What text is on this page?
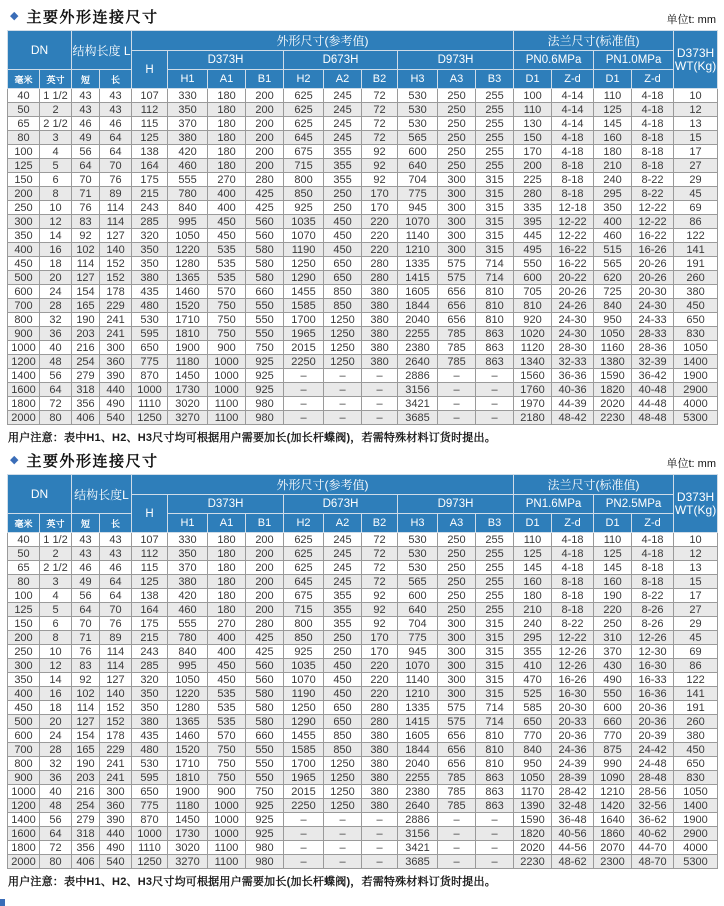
◆ 主要外形连接尺寸	单位t: mm
DN		结构长度 L		外形尺寸(参考值)										法兰尺寸(标准值)				D373H WT(Kg)
				H	D373H			D673H			D973H			PN0.6MPa		PN1.0MPa		
毫米	英寸	短	长		H1	A1	B1	H2	A2	B2	H3	A3	B3	D1	Z-d	D1	Z-d	
40	1 1/2	43	43	107	330	180	200	625	245	72	530	250	255	100	4-14	110	4-18	10
50	2	43	43	112	350	180	200	625	245	72	530	250	255	110	4-14	125	4-18	12
65	2 1/2	46	46	115	370	180	200	625	245	72	530	250	255	130	4-14	145	4-18	13
80	3	49	64	125	380	180	200	645	245	72	565	250	255	150	4-18	160	8-18	15
100	4	56	64	138	420	180	200	675	355	92	600	250	255	170	4-18	180	8-18	17
125	5	64	70	164	460	180	200	715	355	92	640	250	255	200	8-18	210	8-18	27
150	6	70	76	175	555	270	280	800	355	92	704	300	315	225	8-18	240	8-22	29
200	8	71	89	215	780	400	425	850	250	170	775	300	315	280	8-18	295	8-22	45
250	10	76	114	243	840	400	425	925	250	170	945	300	315	335	12-18	350	12-22	69
300	12	83	114	285	995	450	560	1035	450	220	1070	300	315	395	12-22	400	12-22	86
350	14	92	127	320	1050	450	560	1070	450	220	1140	300	315	445	12-22	460	16-22	122
400	16	102	140	350	1220	535	580	1190	450	220	1210	300	315	495	16-22	515	16-26	141
450	18	114	152	350	1280	535	580	1250	650	280	1335	575	714	550	16-22	565	20-26	191
500	20	127	152	380	1365	535	580	1290	650	280	1415	575	714	600	20-22	620	20-26	260
600	24	154	178	435	1460	570	660	1455	850	380	1605	656	810	705	20-26	725	20-30	380
700	28	165	229	480	1520	750	550	1585	850	380	1844	656	810	810	24-26	840	24-30	450
800	32	190	241	530	1710	750	550	1700	1250	380	2040	656	810	920	24-30	950	24-33	650
900	36	203	241	595	1810	750	550	1965	1250	380	2255	785	863	1020	24-30	1050	28-33	830
1000	40	216	300	650	1900	900	750	2015	1250	380	2380	785	863	1120	28-30	1160	28-36	1050
1200	48	254	360	775	1180	1000	925	2250	1250	380	2640	785	863	1340	32-33	1380	32-39	1400
1400	56	279	390	870	1450	1000	925	–	–	–	2886	–	–	1560	36-36	1590	36-42	1900
1600	64	318	440	1000	1730	1000	925	–	–	–	3156	–	–	1760	40-36	1820	40-48	2900
1800	72	356	490	1110	3020	1100	980	–	–	–	3421	–	–	1970	44-39	2020	44-48	4000
2000	80	406	540	1250	3270	1100	980	–	–	–	3685	–	–	2180	48-42	2230	48-48	5300
用户注意：表中H1、H2、H3尺寸均可根据用户需要加长(加长杆蝶阀)，若需特殊材料订货时提出。
◆ 主要外形连接尺寸	单位t: mm
DN		结构长度L		外形尺寸(参考值)										法兰尺寸(标准值)				D373H WT(Kg)
				H	D373H			D673H			D973H			PN1.6MPa		PN2.5MPa		
毫米	英寸	短	长		H1	A1	B1	H2	A2	B2	H3	A3	B3	D1	Z-d	D1	Z-d	
40	1 1/2	43	43	107	330	180	200	625	245	72	530	250	255	110	4-18	110	4-18	10
50	2	43	43	112	350	180	200	625	245	72	530	250	255	125	4-18	125	4-18	12
65	2 1/2	46	46	115	370	180	200	625	245	72	530	250	255	145	4-18	145	8-18	13
80	3	49	64	125	380	180	200	645	245	72	565	250	255	160	8-18	160	8-18	15
100	4	56	64	138	420	180	200	675	355	92	600	250	255	180	8-18	190	8-22	17
125	5	64	70	164	460	180	200	715	355	92	640	250	255	210	8-18	220	8-26	27
150	6	70	76	175	555	270	280	800	355	92	704	300	315	240	8-22	250	8-26	29
200	8	71	89	215	780	400	425	850	250	170	775	300	315	295	12-22	310	12-26	45
250	10	76	114	243	840	400	425	925	250	170	945	300	315	355	12-26	370	12-30	69
300	12	83	114	285	995	450	560	1035	450	220	1070	300	315	410	12-26	430	16-30	86
350	14	92	127	320	1050	450	560	1070	450	220	1140	300	315	470	16-26	490	16-33	122
400	16	102	140	350	1220	535	580	1190	450	220	1210	300	315	525	16-30	550	16-36	141
450	18	114	152	350	1280	535	580	1250	650	280	1335	575	714	585	20-30	600	20-36	191
500	20	127	152	380	1365	535	580	1290	650	280	1415	575	714	650	20-33	660	20-36	260
600	24	154	178	435	1460	570	660	1455	850	380	1605	656	810	770	20-36	770	20-39	380
700	28	165	229	480	1520	750	550	1585	850	380	1844	656	810	840	24-36	875	24-42	450
800	32	190	241	530	1710	750	550	1700	1250	380	2040	656	810	950	24-39	990	24-48	650
900	36	203	241	595	1810	750	550	1965	1250	380	2255	785	863	1050	28-39	1090	28-48	830
1000	40	216	300	650	1900	900	750	2015	1250	380	2380	785	863	1170	28-42	1210	28-56	1050
1200	48	254	360	775	1180	1000	925	2250	1250	380	2640	785	863	1390	32-48	1420	32-56	1400
1400	56	279	390	870	1450	1000	925	–	–	–	2886	–	–	1590	36-48	1640	36-62	1900
1600	64	318	440	1000	1730	1000	925	–	–	–	3156	–	–	1820	40-56	1860	40-62	2900
1800	72	356	490	1110	3020	1100	980	–	–	–	3421	–	–	2020	44-56	2070	44-70	4000
2000	80	406	540	1250	3270	1100	980	–	–	–	3685	–	–	2230	48-62	2300	48-70	5300
用户注意：表中H1、H2、H3尺寸均可根据用户需要加长(加长杆蝶阀)，若需特殊材料订货时提出。
